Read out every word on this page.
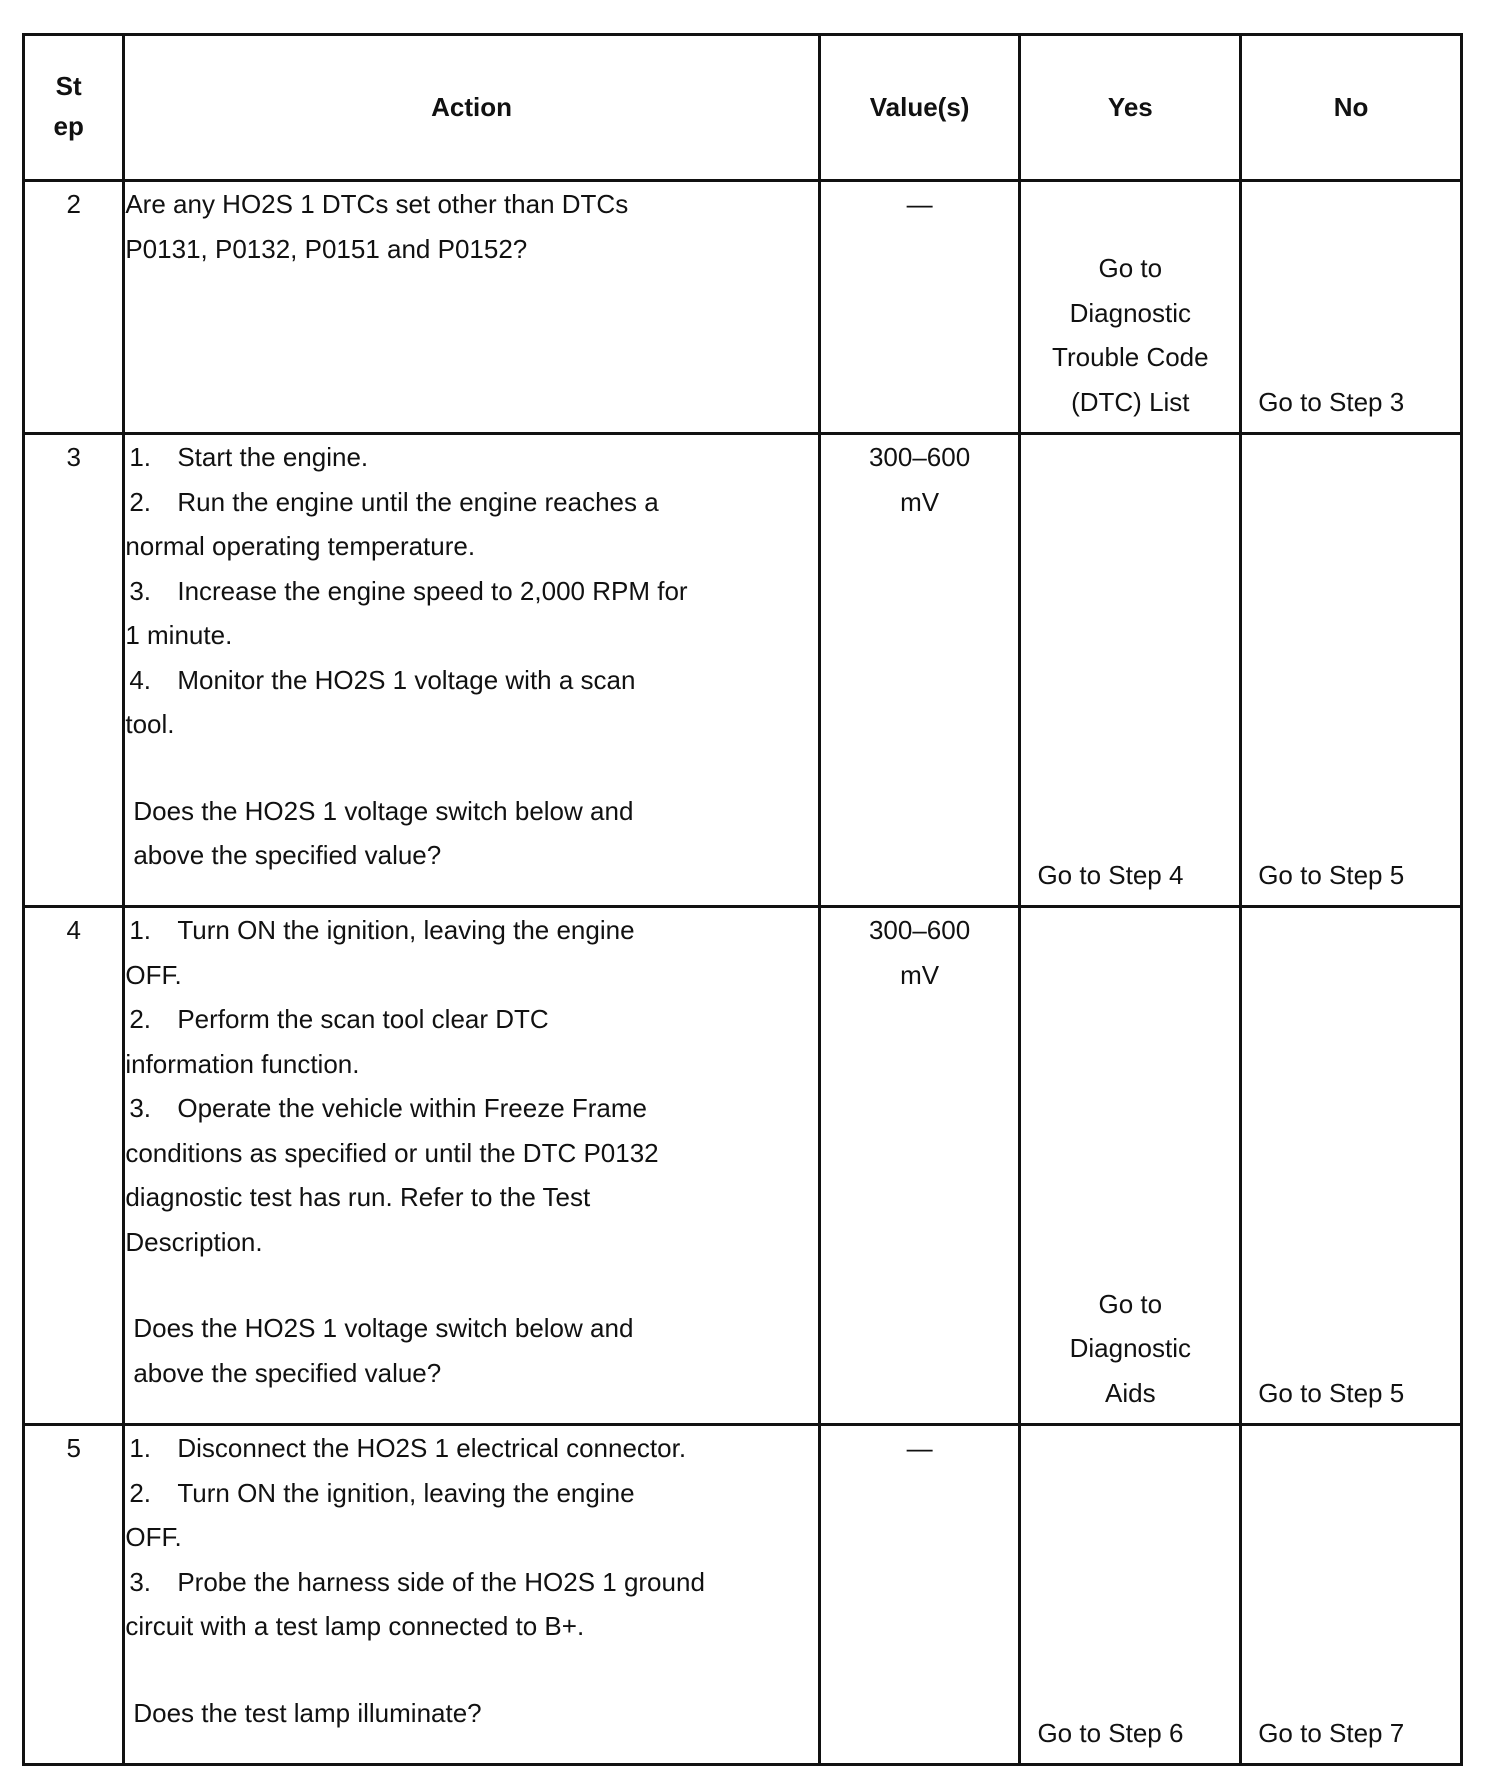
St ep	Action	Value(s)	Yes	No
2	Are any HO2S 1 DTCs set other than DTCs P0131, P0132, P0151 and P0152?	—	Go to Diagnostic Trouble Code (DTC) List	Go to Step 3

3	1. Start the engine.
2. Run the engine until the engine reaches a normal operating temperature.
3. Increase the engine speed to 2,000 RPM for 1 minute.
4. Monitor the HO2S 1 voltage with a scan tool.
Does the HO2S 1 voltage switch below and above the specified value?	300–600 mV	Go to Step 4	Go to Step 5

4	1. Turn ON the ignition, leaving the engine OFF.
2. Perform the scan tool clear DTC information function.
3. Operate the vehicle within Freeze Frame conditions as specified or until the DTC P0132 diagnostic test has run. Refer to the Test Description.
Does the HO2S 1 voltage switch below and above the specified value?	300–600 mV	Go to Diagnostic Aids	Go to Step 5

5	1. Disconnect the HO2S 1 electrical connector.
2. Turn ON the ignition, leaving the engine OFF.
3. Probe the harness side of the HO2S 1 ground circuit with a test lamp connected to B+.
Does the test lamp illuminate?	—	Go to Step 6	Go to Step 7
